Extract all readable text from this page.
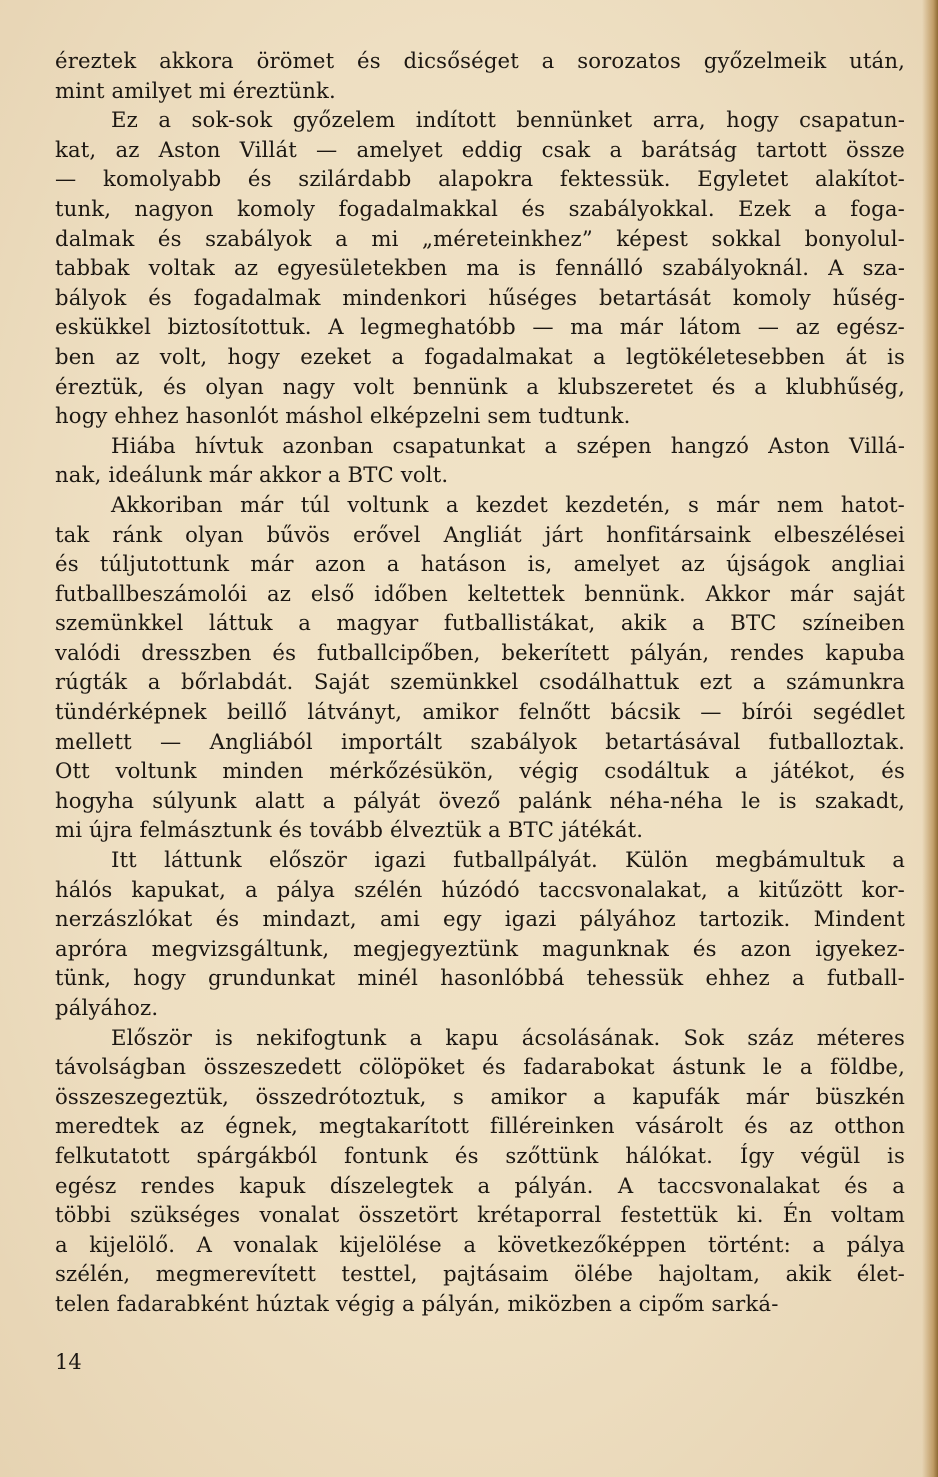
éreztek akkora örömet és dicsőséget a sorozatos győzelmeik után,
mint amilyet mi éreztünk.
Ez a sok-sok győzelem indított bennünket arra, hogy csapatun-
kat, az Aston Villát — amelyet eddig csak a barátság tartott össze
— komolyabb és szilárdabb alapokra fektessük. Egyletet alakítot-
tunk, nagyon komoly fogadalmakkal és szabályokkal. Ezek a foga-
dalmak és szabályok a mi „méreteinkhez” képest sokkal bonyolul-
tabbak voltak az egyesületekben ma is fennálló szabályoknál. A sza-
bályok és fogadalmak mindenkori hűséges betartását komoly hűség-
eskükkel biztosítottuk. A legmeghatóbb — ma már látom — az egész-
ben az volt, hogy ezeket a fogadalmakat a legtökéletesebben át is
éreztük, és olyan nagy volt bennünk a klubszeretet és a klubhűség,
hogy ehhez hasonlót máshol elképzelni sem tudtunk.
Hiába hívtuk azonban csapatunkat a szépen hangzó Aston Villá-
nak, ideálunk már akkor a BTC volt.
Akkoriban már túl voltunk a kezdet kezdetén, s már nem hatot-
tak ránk olyan bűvös erővel Angliát járt honfitársaink elbeszélései
és túljutottunk már azon a hatáson is, amelyet az újságok angliai
futballbeszámolói az első időben keltettek bennünk. Akkor már saját
szemünkkel láttuk a magyar futballistákat, akik a BTC színeiben
valódi dresszben és futballcipőben, bekerített pályán, rendes kapuba
rúgták a bőrlabdát. Saját szemünkkel csodálhattuk ezt a számunkra
tündérképnek beillő látványt, amikor felnőtt bácsik — bírói segédlet
mellett — Angliából importált szabályok betartásával futballoztak.
Ott voltunk minden mérkőzésükön, végig csodáltuk a játékot, és
hogyha súlyunk alatt a pályát övező palánk néha-néha le is szakadt,
mi újra felmásztunk és tovább élveztük a BTC játékát.
Itt láttunk először igazi futballpályát. Külön megbámultuk a
hálós kapukat, a pálya szélén húzódó taccsvonalakat, a kitűzött kor-
nerzászlókat és mindazt, ami egy igazi pályához tartozik. Mindent
apróra megvizsgáltunk, megjegyeztünk magunknak és azon igyekez-
tünk, hogy grundunkat minél hasonlóbbá tehessük ehhez a futball-
pályához.
Először is nekifogtunk a kapu ácsolásának. Sok száz méteres
távolságban összeszedett cölöpöket és fadarabokat ástunk le a földbe,
összeszegeztük, összedrótoztuk, s amikor a kapufák már büszkén
meredtek az égnek, megtakarított filléreinken vásárolt és az otthon
felkutatott spárgákból fontunk és szőttünk hálókat. Így végül is
egész rendes kapuk díszelegtek a pályán. A taccsvonalakat és a
többi szükséges vonalat összetört krétaporral festettük ki. Én voltam
a kijelölő. A vonalak kijelölése a következőképpen történt: a pálya
szélén, megmerevített testtel, pajtásaim ölébe hajoltam, akik élet-
telen fadarabként húztak végig a pályán, miközben a cipőm sarká-
14
